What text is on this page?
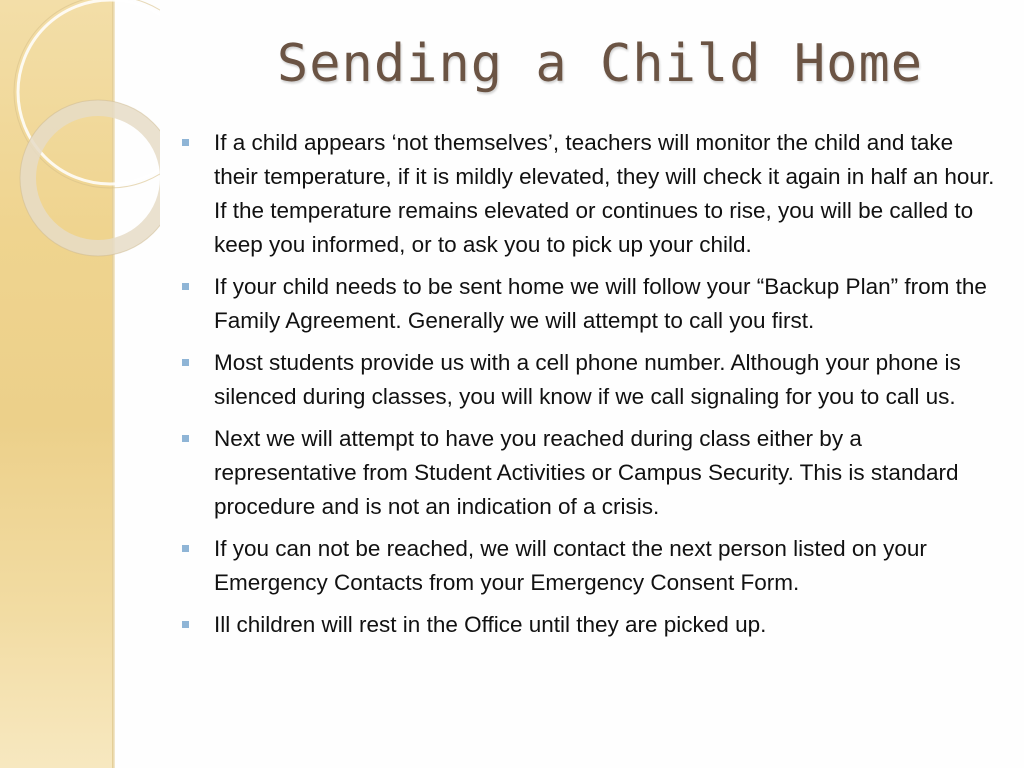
Sending a Child Home
If a child appears ‘not themselves’, teachers will monitor the child and take their temperature, if it is mildly elevated, they will check it again in half an hour. If the temperature remains elevated or continues to rise, you will be called to keep you informed, or to ask you to pick up your child.
If your child needs to be sent home we will follow your “Backup Plan” from the Family Agreement. Generally we will attempt to call you first.
Most students provide us with a cell phone number. Although your phone is silenced during classes, you will know if we call signaling for you to call us.
Next we will attempt to have you reached during class either by a representative from Student Activities or Campus Security. This is standard procedure and is not an indication of a crisis.
If you can not be reached, we will contact the next person listed on your Emergency Contacts from your Emergency Consent Form.
Ill children will rest in the Office until they are picked up.
